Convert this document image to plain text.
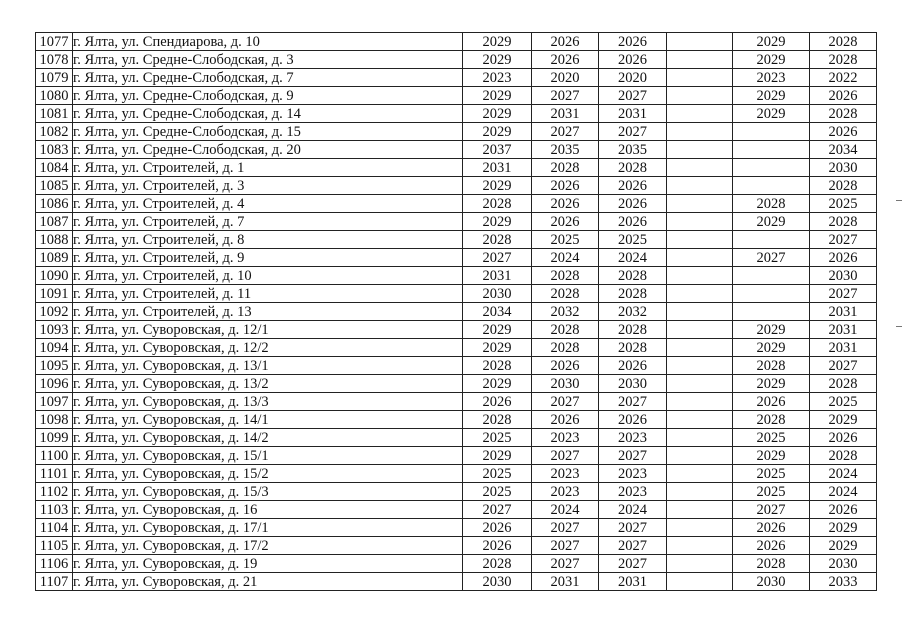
1077	г. Ялта, ул. Спендиарова, д. 10	2029	2026	2026		2029	2028
1078	г. Ялта, ул. Средне-Слободская, д. 3	2029	2026	2026		2029	2028
1079	г. Ялта, ул. Средне-Слободская, д. 7	2023	2020	2020		2023	2022
1080	г. Ялта, ул. Средне-Слободская, д. 9	2029	2027	2027		2029	2026
1081	г. Ялта, ул. Средне-Слободская, д. 14	2029	2031	2031		2029	2028
1082	г. Ялта, ул. Средне-Слободская, д. 15	2029	2027	2027			2026
1083	г. Ялта, ул. Средне-Слободская, д. 20	2037	2035	2035			2034
1084	г. Ялта, ул. Строителей, д. 1	2031	2028	2028			2030
1085	г. Ялта, ул. Строителей, д. 3	2029	2026	2026			2028
1086	г. Ялта, ул. Строителей, д. 4	2028	2026	2026		2028	2025
1087	г. Ялта, ул. Строителей, д. 7	2029	2026	2026		2029	2028
1088	г. Ялта, ул. Строителей, д. 8	2028	2025	2025			2027
1089	г. Ялта, ул. Строителей, д. 9	2027	2024	2024		2027	2026
1090	г. Ялта, ул. Строителей, д. 10	2031	2028	2028			2030
1091	г. Ялта, ул. Строителей, д. 11	2030	2028	2028			2027
1092	г. Ялта, ул. Строителей, д. 13	2034	2032	2032			2031
1093	г. Ялта, ул. Суворовская, д. 12/1	2029	2028	2028		2029	2031
1094	г. Ялта, ул. Суворовская, д. 12/2	2029	2028	2028		2029	2031
1095	г. Ялта, ул. Суворовская, д. 13/1	2028	2026	2026		2028	2027
1096	г. Ялта, ул. Суворовская, д. 13/2	2029	2030	2030		2029	2028
1097	г. Ялта, ул. Суворовская, д. 13/3	2026	2027	2027		2026	2025
1098	г. Ялта, ул. Суворовская, д. 14/1	2028	2026	2026		2028	2029
1099	г. Ялта, ул. Суворовская, д. 14/2	2025	2023	2023		2025	2026
1100	г. Ялта, ул. Суворовская, д. 15/1	2029	2027	2027		2029	2028
1101	г. Ялта, ул. Суворовская, д. 15/2	2025	2023	2023		2025	2024
1102	г. Ялта, ул. Суворовская, д. 15/3	2025	2023	2023		2025	2024
1103	г. Ялта, ул. Суворовская, д. 16	2027	2024	2024		2027	2026
1104	г. Ялта, ул. Суворовская, д. 17/1	2026	2027	2027		2026	2029
1105	г. Ялта, ул. Суворовская, д. 17/2	2026	2027	2027		2026	2029
1106	г. Ялта, ул. Суворовская, д. 19	2028	2027	2027		2028	2030
1107	г. Ялта, ул. Суворовская, д. 21	2030	2031	2031		2030	2033
